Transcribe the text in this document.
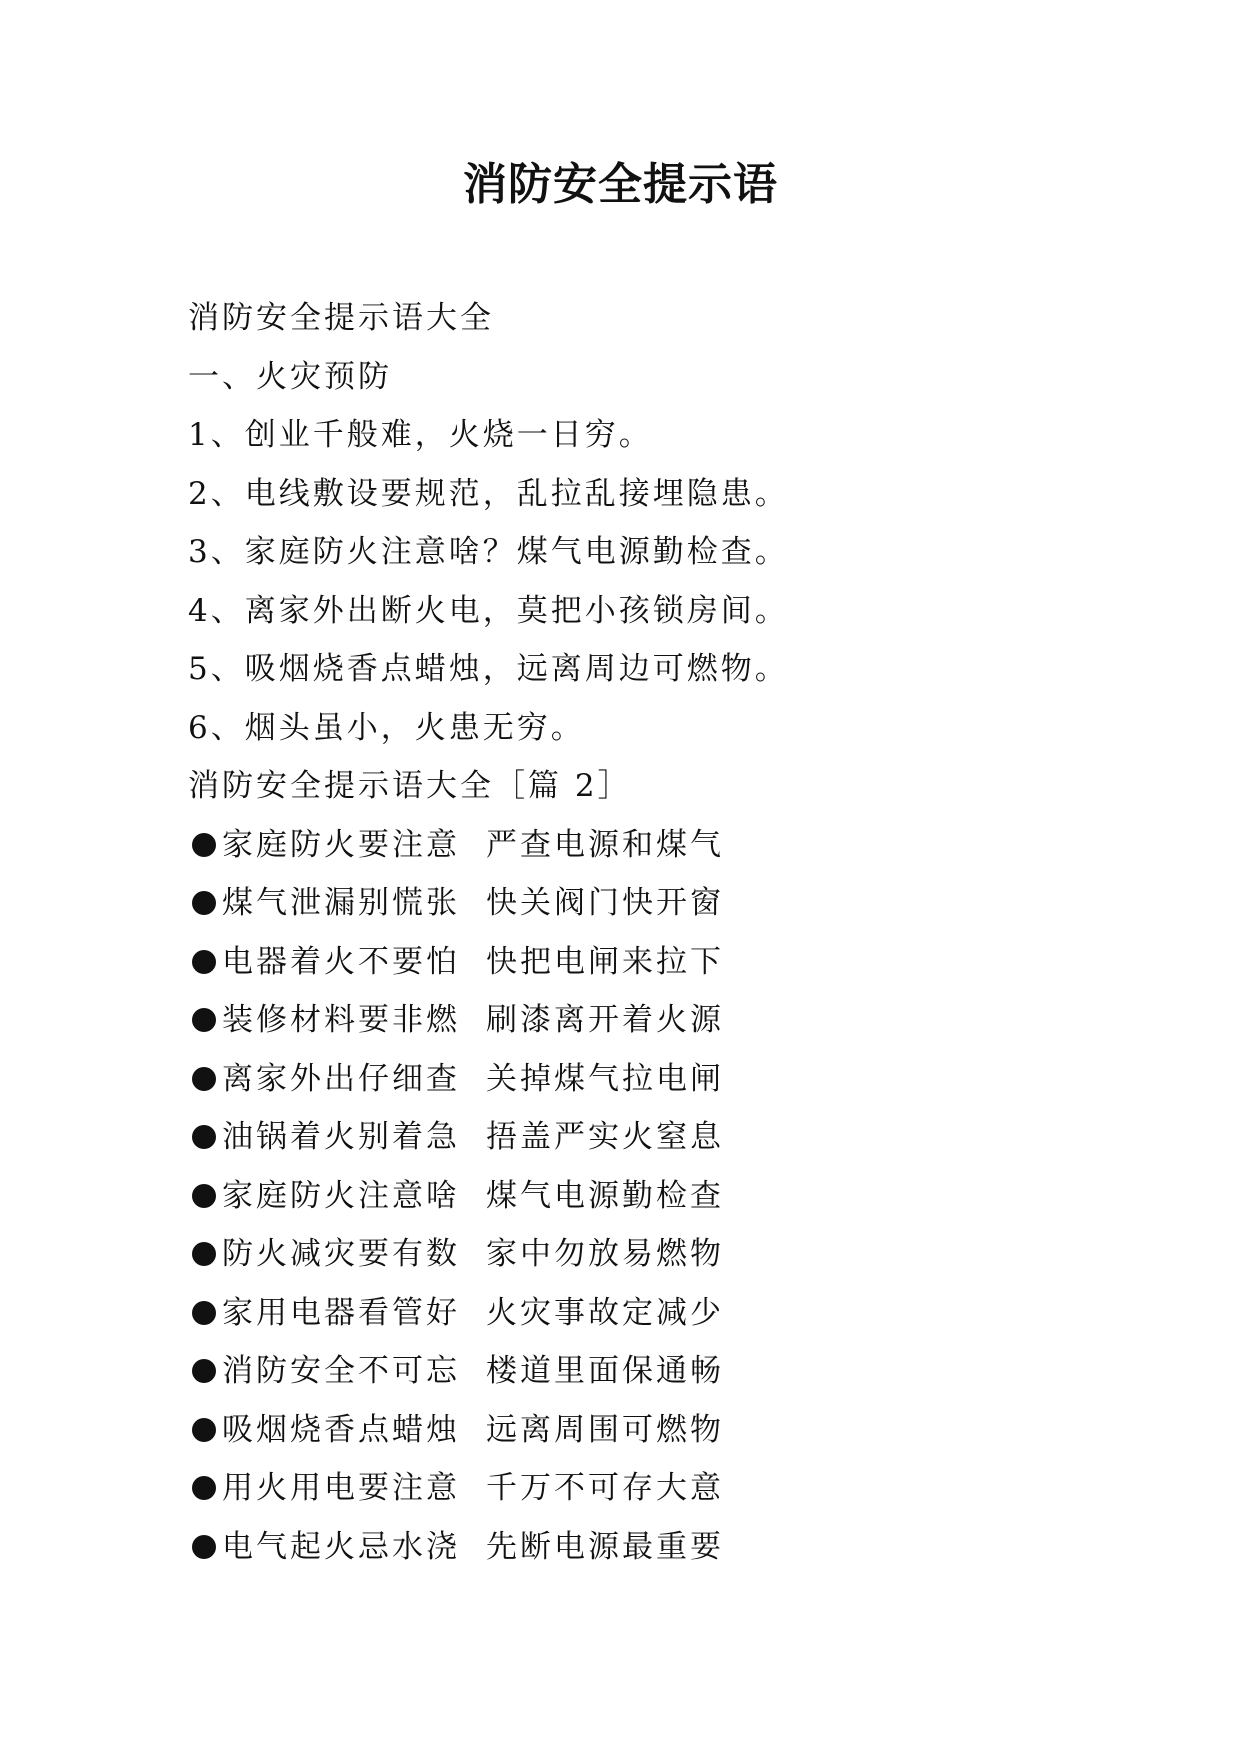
消防安全提示语
消防安全提示语大全
一、火灾预防
1、创业千般难，火烧一日穷。
2、电线敷设要规范，乱拉乱接埋隐患。
3、家庭防火注意啥？煤气电源勤检查。
4、离家外出断火电，莫把小孩锁房间。
5、吸烟烧香点蜡烛，远离周边可燃物。
6、烟头虽小，火患无穷。
消防安全提示语大全［篇 2］
家庭防火要注意 严查电源和煤气
煤气泄漏别慌张 快关阀门快开窗
电器着火不要怕 快把电闸来拉下
装修材料要非燃 刷漆离开着火源
离家外出仔细查 关掉煤气拉电闸
油锅着火别着急 捂盖严实火窒息
家庭防火注意啥 煤气电源勤检查
防火减灾要有数 家中勿放易燃物
家用电器看管好 火灾事故定减少
消防安全不可忘 楼道里面保通畅
吸烟烧香点蜡烛 远离周围可燃物
用火用电要注意 千万不可存大意
电气起火忌水浇 先断电源最重要
